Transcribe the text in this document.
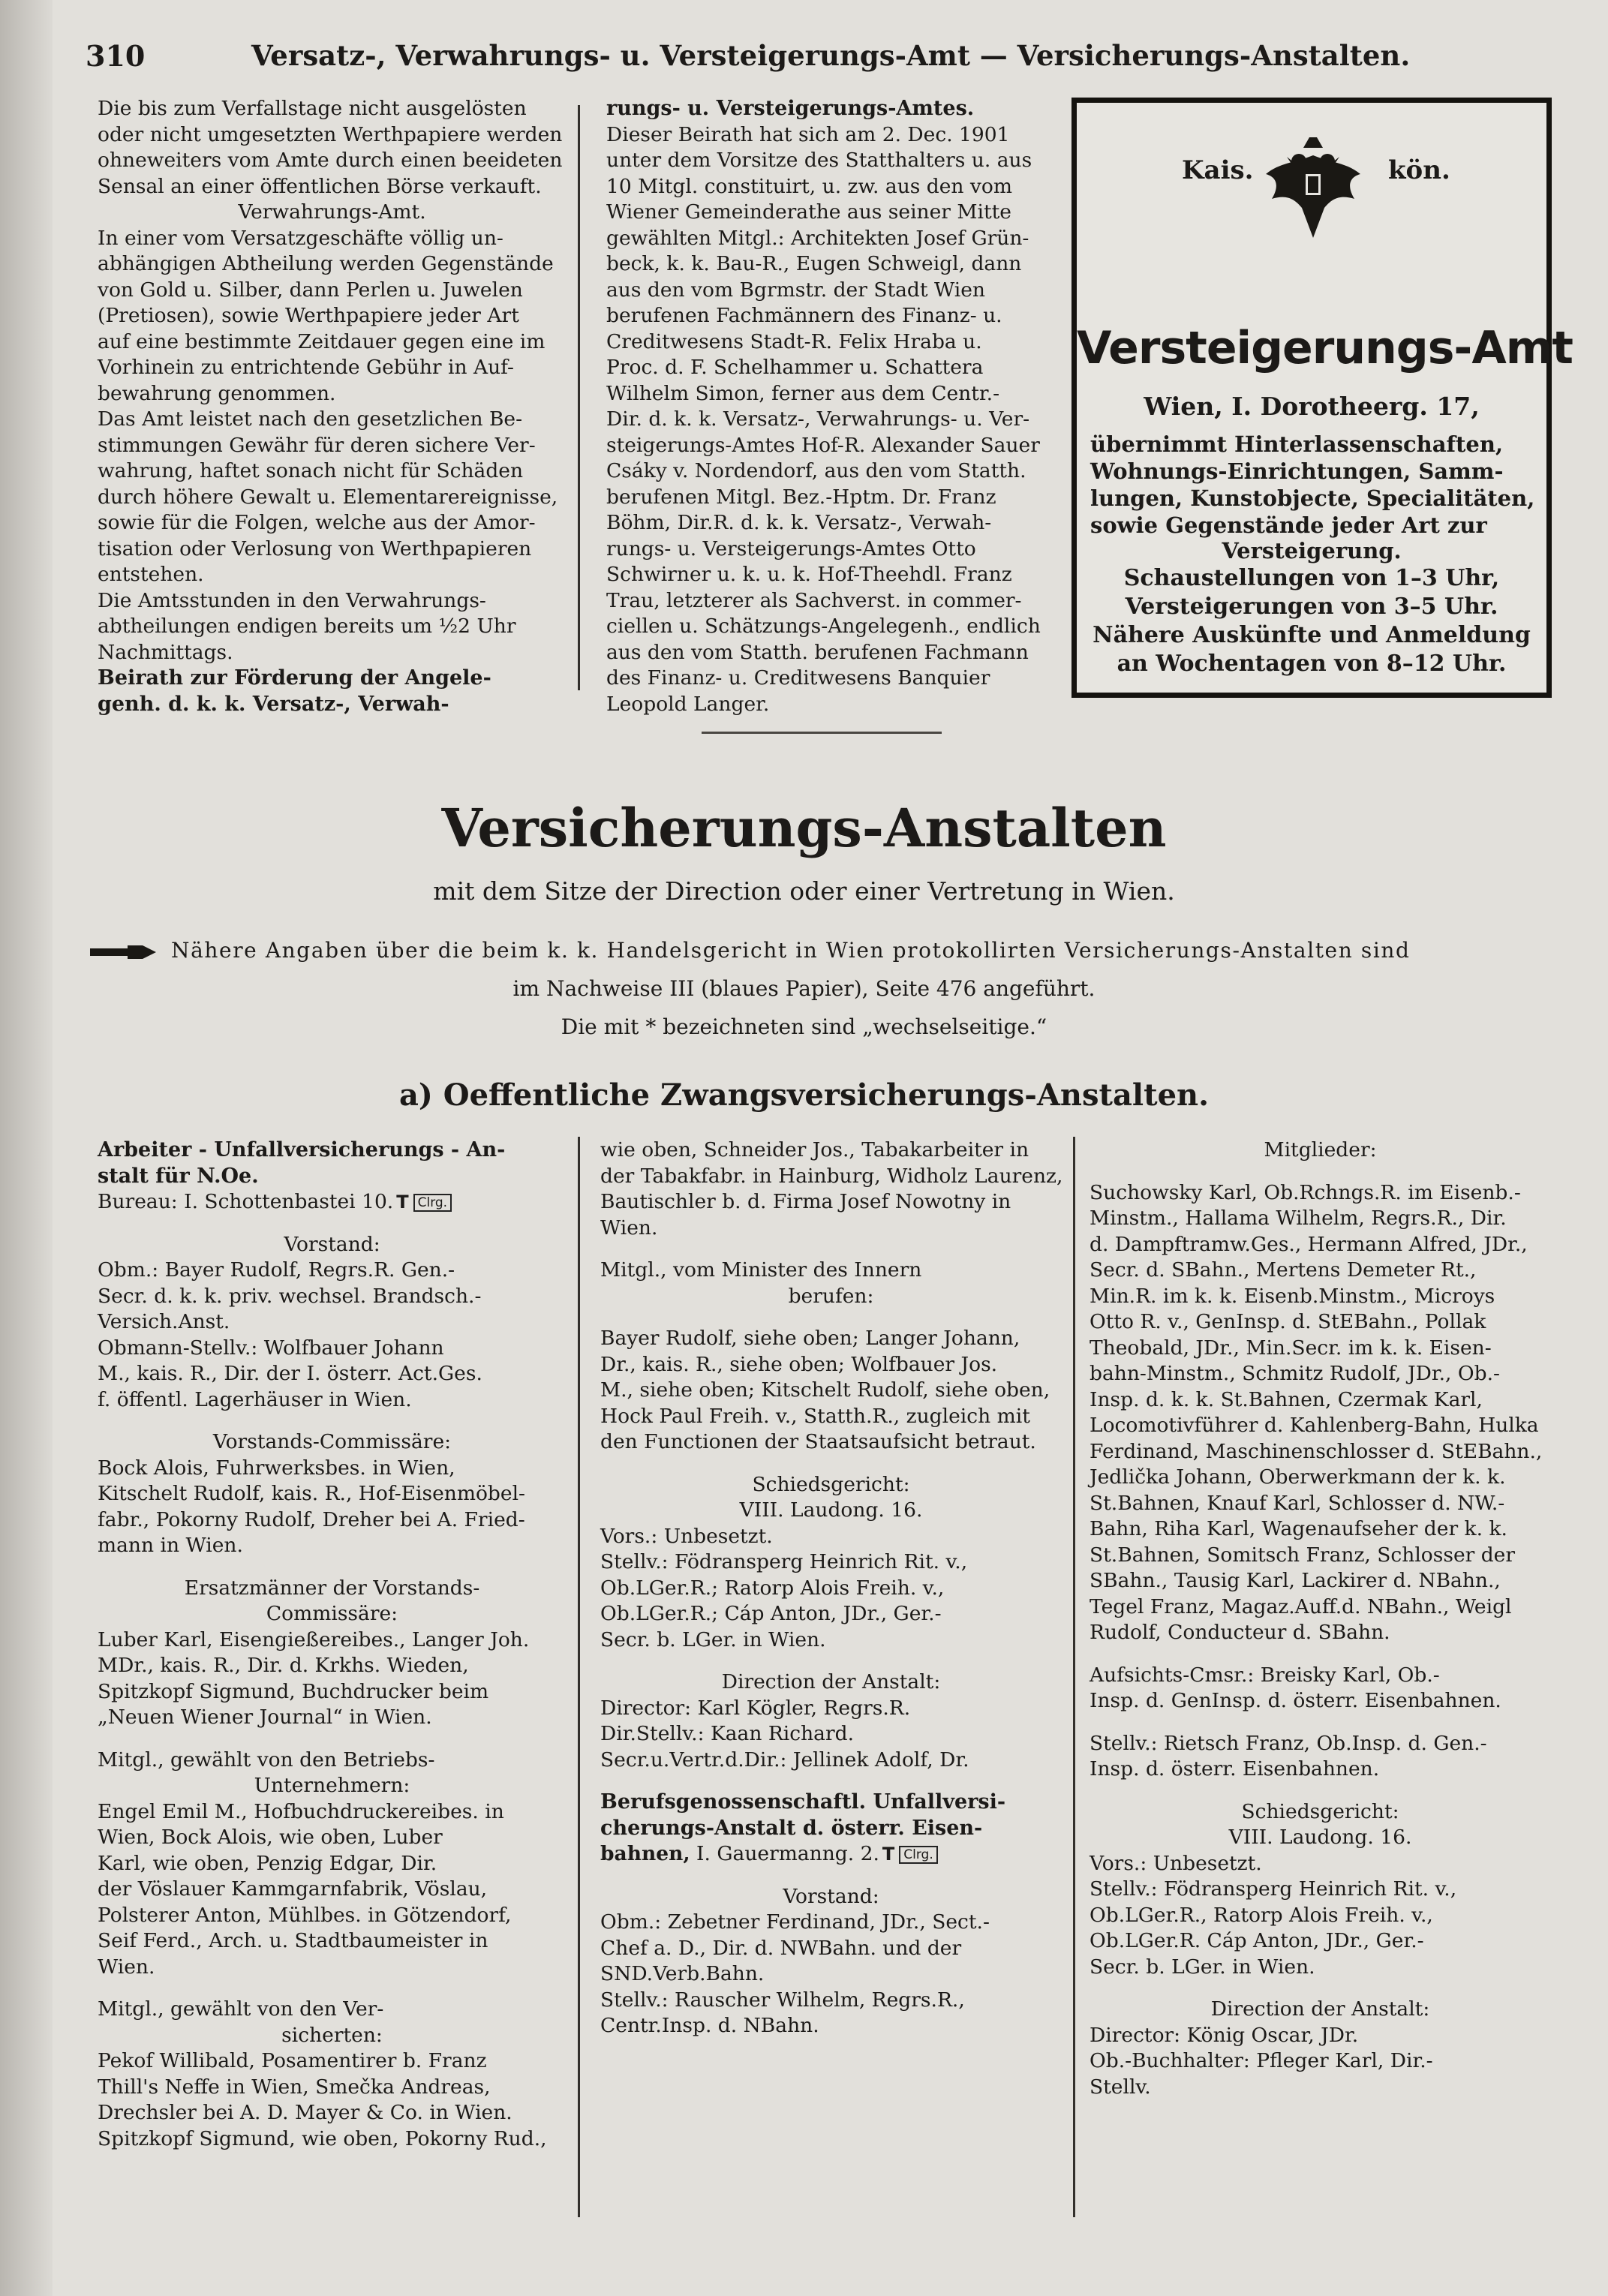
310	Versatz-, Verwahrungs- u. Versteigerungs-Amt — Versicherungs-Anstalten.

Die bis zum Verfallstage nicht ausgelösten

oder nicht umgesetzten Werthpapiere werden

ohneweiters vom Amte durch einen beeideten

Sensal an einer öffentlichen Börse verkauft.

Verwahrungs-Amt.

In einer vom Versatzgeschäfte völlig un-

abhängigen Abtheilung werden Gegenstände

von Gold u. Silber, dann Perlen u. Juwelen

(Pretiosen), sowie Werthpapiere jeder Art

auf eine bestimmte Zeitdauer gegen eine im

Vorhinein zu entrichtende Gebühr in Auf-

bewahrung genommen.

Das Amt leistet nach den gesetzlichen Be-

stimmungen Gewähr für deren sichere Ver-

wahrung, haftet sonach nicht für Schäden

durch höhere Gewalt u. Elementarereignisse,

sowie für die Folgen, welche aus der Amor-

tisation oder Verlosung von Werthpapieren

entstehen.

Die Amtsstunden in den Verwahrungs-

abtheilungen endigen bereits um ½2 Uhr

Nachmittags.

Beirath zur Förderung der Angele-

genh. d. k. k. Versatz-, Verwah-

rungs- u. Versteigerungs-Amtes.

Dieser Beirath hat sich am 2. Dec. 1901

unter dem Vorsitze des Statthalters u. aus

10 Mitgl. constituirt, u. zw. aus den vom

Wiener Gemeinderathe aus seiner Mitte

gewählten Mitgl.: Architekten Josef Grün-

beck, k. k. Bau-R., Eugen Schweigl, dann

aus den vom Bgrmstr. der Stadt Wien

berufenen Fachmännern des Finanz- u.

Creditwesens Stadt-R. Felix Hraba u.

Proc. d. F. Schelhammer u. Schattera

Wilhelm Simon, ferner aus dem Centr.-

Dir. d. k. k. Versatz-, Verwahrungs- u. Ver-

steigerungs-Amtes Hof-R. Alexander Sauer

Csáky v. Nordendorf, aus den vom Statth.

berufenen Mitgl. Bez.-Hptm. Dr. Franz

Böhm, Dir.R. d. k. k. Versatz-, Verwah-

rungs- u. Versteigerungs-Amtes Otto

Schwirner u. k. u. k. Hof-Theehdl. Franz

Trau, letzterer als Sachverst. in commer-

ciellen u. Schätzungs-Angelegenh., endlich

aus den vom Statth. berufenen Fachmann

des Finanz- u. Creditwesens Banquier

Leopold Langer.

Kais.	kön.
Versteigerungs-Amt
Wien, I. Dorotheerg. 17,
übernimmt Hinterlassenschaften,
Wohnungs-Einrichtungen, Samm-
lungen, Kunstobjecte, Specialitäten,
sowie Gegenstände jeder Art zur
Versteigerung.
Schaustellungen von 1–3 Uhr,
Versteigerungen von 3–5 Uhr.
Nähere Auskünfte und Anmeldung
an Wochentagen von 8–12 Uhr.
Versicherungs-Anstalten
mit dem Sitze der Direction oder einer Vertretung in Wien.
Nähere Angaben über die beim k. k. Handelsgericht in Wien protokollirten Versicherungs-Anstalten sind
im Nachweise III (blaues Papier), Seite 476 angeführt.
Die mit * bezeichneten sind „wechselseitige.“
a) Oeffentliche Zwangsversicherungs-Anstalten.

Arbeiter - Unfallversicherungs - An-

stalt für N.Oe.

Bureau: I. Schottenbastei 10. T Clrg.

Vorstand:

Obm.: Bayer Rudolf, Regrs.R. Gen.-

Secr. d. k. k. priv. wechsel. Brandsch.-

Versich.Anst.

Obmann-Stellv.: Wolfbauer Johann

M., kais. R., Dir. der I. österr. Act.Ges.

f. öffentl. Lagerhäuser in Wien.

Vorstands-Commissäre:

Bock Alois, Fuhrwerksbes. in Wien,

Kitschelt Rudolf, kais. R., Hof-Eisenmöbel-

fabr., Pokorny Rudolf, Dreher bei A. Fried-

mann in Wien.

Ersatzmänner der Vorstands-

Commissäre:

Luber Karl, Eisengießereibes., Langer Joh.

MDr., kais. R., Dir. d. Krkhs. Wieden,

Spitzkopf Sigmund, Buchdrucker beim

„Neuen Wiener Journal“ in Wien.

Mitgl., gewählt von den Betriebs-

Unternehmern:

Engel Emil M., Hofbuchdruckereibes. in

Wien, Bock Alois, wie oben, Luber

Karl, wie oben, Penzig Edgar, Dir.

der Vöslauer Kammgarnfabrik, Vöslau,

Polsterer Anton, Mühlbes. in Götzendorf,

Seif Ferd., Arch. u. Stadtbaumeister in

Wien.

Mitgl., gewählt von den Ver-

sicherten:

Pekof Willibald, Posamentirer b. Franz

Thill's Neffe in Wien, Smečka Andreas,

Drechsler bei A. D. Mayer & Co. in Wien.

Spitzkopf Sigmund, wie oben, Pokorny Rud.,

wie oben, Schneider Jos., Tabakarbeiter in

der Tabakfabr. in Hainburg, Widholz Laurenz,

Bautischler b. d. Firma Josef Nowotny in

Wien.

Mitgl., vom Minister des Innern

berufen:

Bayer Rudolf, siehe oben; Langer Johann,

Dr., kais. R., siehe oben; Wolfbauer Jos.

M., siehe oben; Kitschelt Rudolf, siehe oben,

Hock Paul Freih. v., Statth.R., zugleich mit

den Functionen der Staatsaufsicht betraut.

Schiedsgericht:

VIII. Laudong. 16.

Vors.: Unbesetzt.

Stellv.: Födransperg Heinrich Rit. v.,

Ob.LGer.R.; Ratorp Alois Freih. v.,

Ob.LGer.R.; Cáp Anton, JDr., Ger.-

Secr. b. LGer. in Wien.

Direction der Anstalt:

Director: Karl Kögler, Regrs.R.

Dir.Stellv.: Kaan Richard.

Secr.u.Vertr.d.Dir.: Jellinek Adolf, Dr.

Berufsgenossenschaftl. Unfallversi-

cherungs-Anstalt d. österr. Eisen-

bahnen, I. Gauermanng. 2. T Clrg.

Vorstand:

Obm.: Zebetner Ferdinand, JDr., Sect.-

Chef a. D., Dir. d. NWBahn. und der

SND.Verb.Bahn.

Stellv.: Rauscher Wilhelm, Regrs.R.,

Centr.Insp. d. NBahn.

Mitglieder:

Suchowsky Karl, Ob.Rchngs.R. im Eisenb.-

Minstm., Hallama Wilhelm, Regrs.R., Dir.

d. Dampftramw.Ges., Hermann Alfred, JDr.,

Secr. d. SBahn., Mertens Demeter Rt.,

Min.R. im k. k. Eisenb.Minstm., Microys

Otto R. v., GenInsp. d. StEBahn., Pollak

Theobald, JDr., Min.Secr. im k. k. Eisen-

bahn-Minstm., Schmitz Rudolf, JDr., Ob.-

Insp. d. k. k. St.Bahnen, Czermak Karl,

Locomotivführer d. Kahlenberg-Bahn, Hulka

Ferdinand, Maschinenschlosser d. StEBahn.,

Jedlička Johann, Oberwerkmann der k. k.

St.Bahnen, Knauf Karl, Schlosser d. NW.-

Bahn, Riha Karl, Wagenaufseher der k. k.

St.Bahnen, Somitsch Franz, Schlosser der

SBahn., Tausig Karl, Lackirer d. NBahn.,

Tegel Franz, Magaz.Auff.d. NBahn., Weigl

Rudolf, Conducteur d. SBahn.

Aufsichts-Cmsr.: Breisky Karl, Ob.-

Insp. d. GenInsp. d. österr. Eisenbahnen.

Stellv.: Rietsch Franz, Ob.Insp. d. Gen.-

Insp. d. österr. Eisenbahnen.

Schiedsgericht:

VIII. Laudong. 16.

Vors.: Unbesetzt.

Stellv.: Födransperg Heinrich Rit. v.,

Ob.LGer.R., Ratorp Alois Freih. v.,

Ob.LGer.R. Cáp Anton, JDr., Ger.-

Secr. b. LGer. in Wien.

Direction der Anstalt:

Director: König Oscar, JDr.

Ob.-Buchhalter: Pfleger Karl, Dir.-

Stellv.
